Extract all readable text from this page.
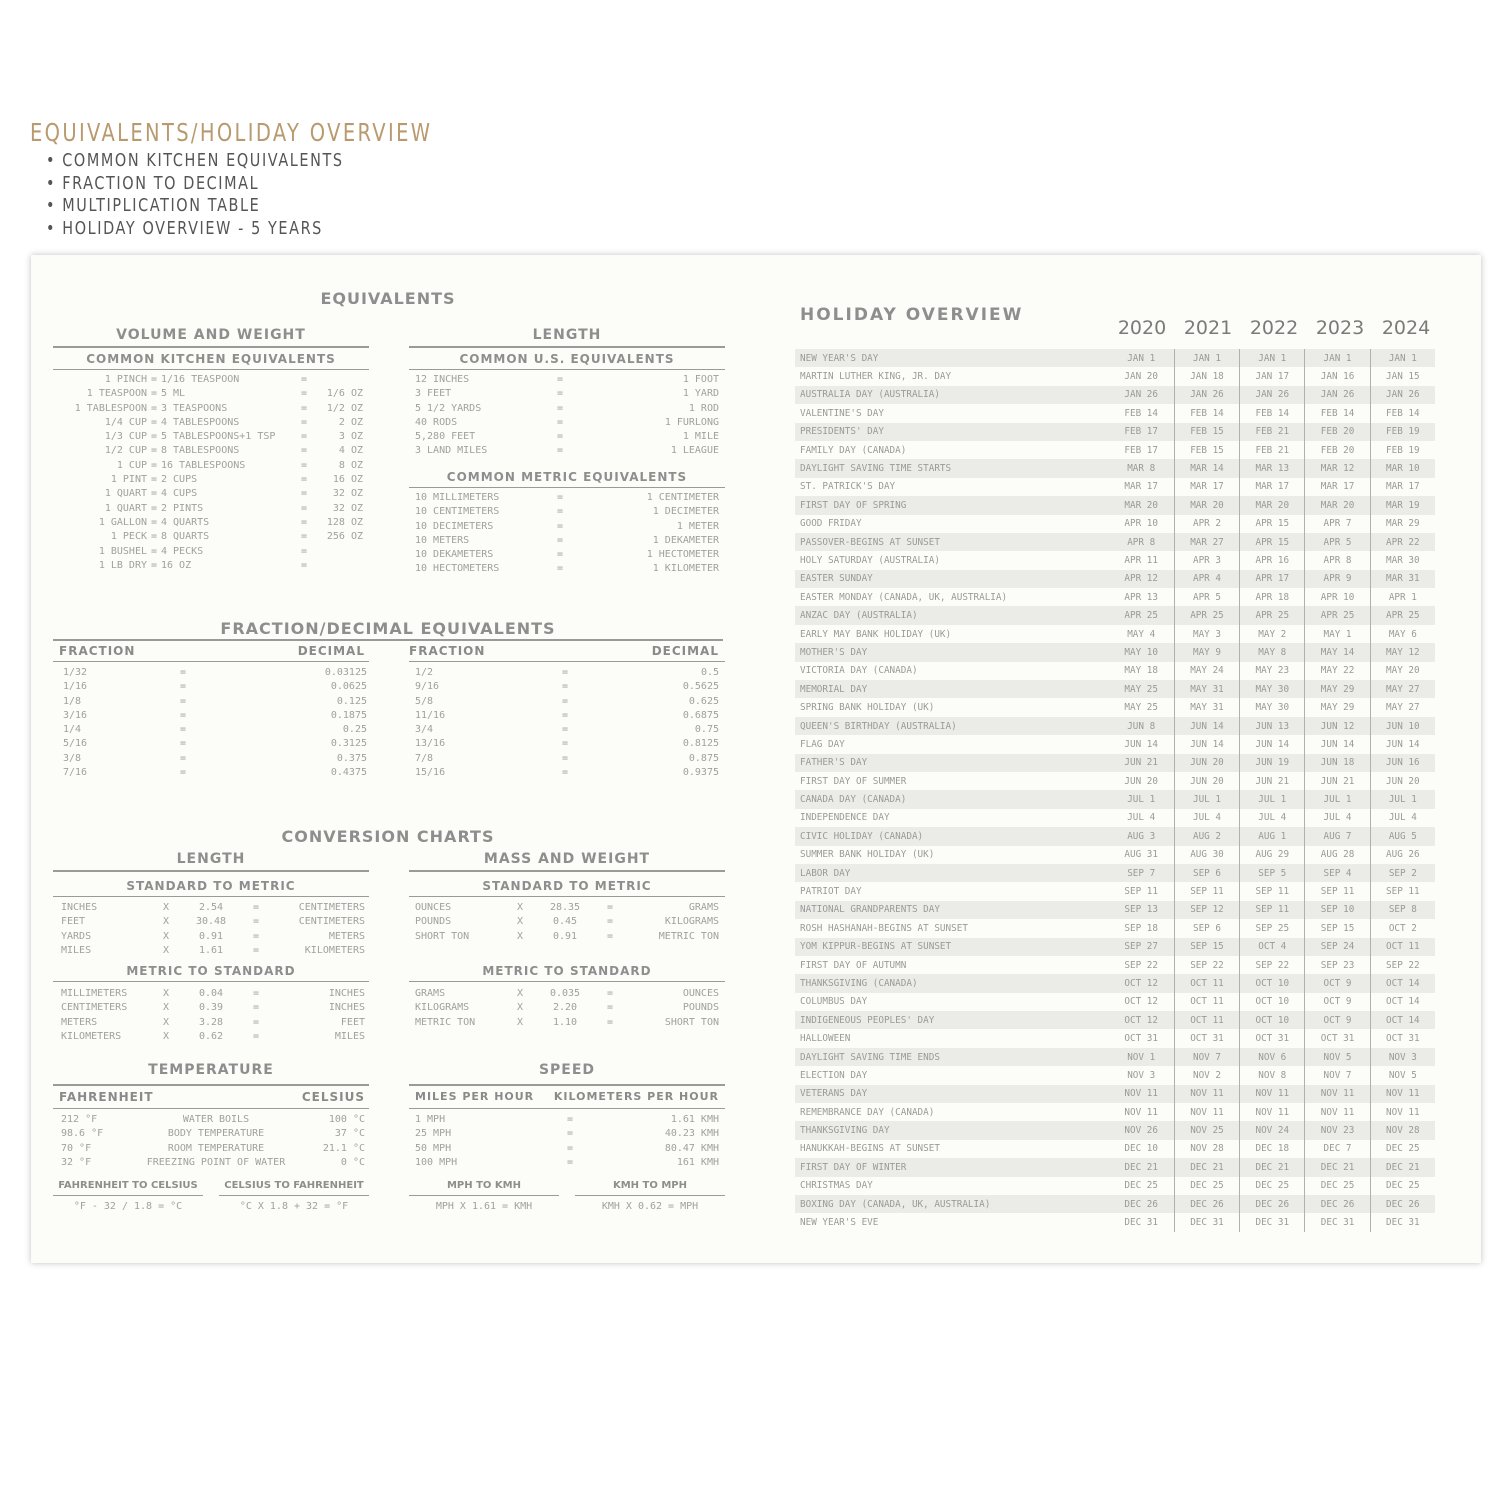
EQUIVALENTS/HOLIDAY OVERVIEW
• COMMON KITCHEN EQUIVALENTS
• FRACTION TO DECIMAL
• MULTIPLICATION TABLE
• HOLIDAY OVERVIEW - 5 YEARS
EQUIVALENTS
VOLUME AND WEIGHT
COMMON KITCHEN EQUIVALENTS
1 PINCH = 1/16 TEASPOON	=
1 TEASPOON = 5 ML	=	1/6 OZ
1 TABLESPOON = 3 TEASPOONS	=	1/2 OZ
1/4 CUP = 4 TABLESPOONS	=	2 OZ
1/3 CUP = 5 TABLESPOONS+1 TSP	=	3 OZ
1/2 CUP = 8 TABLESPOONS	=	4 OZ
1 CUP = 16 TABLESPOONS	=	8 OZ
1 PINT = 2 CUPS	=	16 OZ
1 QUART = 4 CUPS	=	32 OZ
1 QUART = 2 PINTS	=	32 OZ
1 GALLON = 4 QUARTS	=	128 OZ
1 PECK = 8 QUARTS	=	256 OZ
1 BUSHEL = 4 PECKS	=
1 LB DRY = 16 OZ	=
LENGTH
COMMON U.S. EQUIVALENTS
12 INCHES	=	1 FOOT
3 FEET	=	1 YARD
5 1/2 YARDS	=	1 ROD
40 RODS	=	1 FURLONG
5,280 FEET	=	1 MILE
3 LAND MILES	=	1 LEAGUE
COMMON METRIC EQUIVALENTS
10 MILLIMETERS	=	1 CENTIMETER
10 CENTIMETERS	=	1 DECIMETER
10 DECIMETERS	=	1 METER
10 METERS	=	1 DEKAMETER
10 DEKAMETERS	=	1 HECTOMETER
10 HECTOMETERS	=	1 KILOMETER
FRACTION/DECIMAL EQUIVALENTS
FRACTION	DECIMAL	FRACTION	DECIMAL
1/32	=	0.03125
1/16	=	0.0625
1/8	=	0.125
3/16	=	0.1875
1/4	=	0.25
5/16	=	0.3125
3/8	=	0.375
7/16	=	0.4375
1/2	=	0.5
9/16	=	0.5625
5/8	=	0.625
11/16	=	0.6875
3/4	=	0.75
13/16	=	0.8125
7/8	=	0.875
15/16	=	0.9375
CONVERSION CHARTS
LENGTH
STANDARD TO METRIC
INCHES	X	2.54	=	CENTIMETERS
FEET	X	30.48	=	CENTIMETERS
YARDS	X	0.91	=	METERS
MILES	X	1.61	=	KILOMETERS
METRIC TO STANDARD
MILLIMETERS	X	0.04	=	INCHES
CENTIMETERS	X	0.39	=	INCHES
METERS	X	3.28	=	FEET
KILOMETERS	X	0.62	=	MILES
MASS AND WEIGHT
STANDARD TO METRIC
OUNCES	X	28.35	=	GRAMS
POUNDS	X	0.45	=	KILOGRAMS
SHORT TON	X	0.91	=	METRIC TON
METRIC TO STANDARD
GRAMS	X	0.035	=	OUNCES
KILOGRAMS	X	2.20	=	POUNDS
METRIC TON	X	1.10	=	SHORT TON
TEMPERATURE
FAHRENHEIT	CELSIUS
212 °F	WATER BOILS	100 °C
98.6 °F	BODY TEMPERATURE	37 °C
70 °F	ROOM TEMPERATURE	21.1 °C
32 °F	FREEZING POINT OF WATER	0 °C
FAHRENHEIT TO CELSIUS	CELSIUS TO FAHRENHEIT
°F - 32 / 1.8 = °C	°C X 1.8 + 32 = °F
SPEED
MILES PER HOUR KILOMETERS PER HOUR
1 MPH	=	1.61 KMH
25 MPH	=	40.23 KMH
50 MPH	=	80.47 KMH
100 MPH	=	161 KMH
MPH TO KMH	KMH TO MPH
MPH X 1.61 = KMH	KMH X 0.62 = MPH
HOLIDAY OVERVIEW
2020 2021 2022 2023 2024
NEW YEAR'S DAY	JAN 1	JAN 1	JAN 1	JAN 1	JAN 1
MARTIN LUTHER KING, JR. DAY	JAN 20	JAN 18	JAN 17	JAN 16	JAN 15
AUSTRALIA DAY (AUSTRALIA)	JAN 26	JAN 26	JAN 26	JAN 26	JAN 26
VALENTINE'S DAY	FEB 14	FEB 14	FEB 14	FEB 14	FEB 14
PRESIDENTS' DAY	FEB 17	FEB 15	FEB 21	FEB 20	FEB 19
FAMILY DAY (CANADA)	FEB 17	FEB 15	FEB 21	FEB 20	FEB 19
DAYLIGHT SAVING TIME STARTS	MAR 8	MAR 14	MAR 13	MAR 12	MAR 10
ST. PATRICK'S DAY	MAR 17	MAR 17	MAR 17	MAR 17	MAR 17
FIRST DAY OF SPRING	MAR 20	MAR 20	MAR 20	MAR 20	MAR 19
GOOD FRIDAY	APR 10	APR 2	APR 15	APR 7	MAR 29
PASSOVER-BEGINS AT SUNSET	APR 8	MAR 27	APR 15	APR 5	APR 22
HOLY SATURDAY (AUSTRALIA)	APR 11	APR 3	APR 16	APR 8	MAR 30
EASTER SUNDAY	APR 12	APR 4	APR 17	APR 9	MAR 31
EASTER MONDAY (CANADA, UK, AUSTRALIA)	APR 13	APR 5	APR 18	APR 10	APR 1
ANZAC DAY (AUSTRALIA)	APR 25	APR 25	APR 25	APR 25	APR 25
EARLY MAY BANK HOLIDAY (UK)	MAY 4	MAY 3	MAY 2	MAY 1	MAY 6
MOTHER'S DAY	MAY 10	MAY 9	MAY 8	MAY 14	MAY 12
VICTORIA DAY (CANADA)	MAY 18	MAY 24	MAY 23	MAY 22	MAY 20
MEMORIAL DAY	MAY 25	MAY 31	MAY 30	MAY 29	MAY 27
SPRING BANK HOLIDAY (UK)	MAY 25	MAY 31	MAY 30	MAY 29	MAY 27
QUEEN'S BIRTHDAY (AUSTRALIA)	JUN 8	JUN 14	JUN 13	JUN 12	JUN 10
FLAG DAY	JUN 14	JUN 14	JUN 14	JUN 14	JUN 14
FATHER'S DAY	JUN 21	JUN 20	JUN 19	JUN 18	JUN 16
FIRST DAY OF SUMMER	JUN 20	JUN 20	JUN 21	JUN 21	JUN 20
CANADA DAY (CANADA)	JUL 1	JUL 1	JUL 1	JUL 1	JUL 1
INDEPENDENCE DAY	JUL 4	JUL 4	JUL 4	JUL 4	JUL 4
CIVIC HOLIDAY (CANADA)	AUG 3	AUG 2	AUG 1	AUG 7	AUG 5
SUMMER BANK HOLIDAY (UK)	AUG 31	AUG 30	AUG 29	AUG 28	AUG 26
LABOR DAY	SEP 7	SEP 6	SEP 5	SEP 4	SEP 2
PATRIOT DAY	SEP 11	SEP 11	SEP 11	SEP 11	SEP 11
NATIONAL GRANDPARENTS DAY	SEP 13	SEP 12	SEP 11	SEP 10	SEP 8
ROSH HASHANAH-BEGINS AT SUNSET	SEP 18	SEP 6	SEP 25	SEP 15	OCT 2
YOM KIPPUR-BEGINS AT SUNSET	SEP 27	SEP 15	OCT 4	SEP 24	OCT 11
FIRST DAY OF AUTUMN	SEP 22	SEP 22	SEP 22	SEP 23	SEP 22
THANKSGIVING (CANADA)	OCT 12	OCT 11	OCT 10	OCT 9	OCT 14
COLUMBUS DAY	OCT 12	OCT 11	OCT 10	OCT 9	OCT 14
INDIGENEOUS PEOPLES' DAY	OCT 12	OCT 11	OCT 10	OCT 9	OCT 14
HALLOWEEN	OCT 31	OCT 31	OCT 31	OCT 31	OCT 31
DAYLIGHT SAVING TIME ENDS	NOV 1	NOV 7	NOV 6	NOV 5	NOV 3
ELECTION DAY	NOV 3	NOV 2	NOV 8	NOV 7	NOV 5
VETERANS DAY	NOV 11	NOV 11	NOV 11	NOV 11	NOV 11
REMEMBRANCE DAY (CANADA)	NOV 11	NOV 11	NOV 11	NOV 11	NOV 11
THANKSGIVING DAY	NOV 26	NOV 25	NOV 24	NOV 23	NOV 28
HANUKKAH-BEGINS AT SUNSET	DEC 10	NOV 28	DEC 18	DEC 7	DEC 25
FIRST DAY OF WINTER	DEC 21	DEC 21	DEC 21	DEC 21	DEC 21
CHRISTMAS DAY	DEC 25	DEC 25	DEC 25	DEC 25	DEC 25
BOXING DAY (CANADA, UK, AUSTRALIA)	DEC 26	DEC 26	DEC 26	DEC 26	DEC 26
NEW YEAR'S EVE	DEC 31	DEC 31	DEC 31	DEC 31	DEC 31
